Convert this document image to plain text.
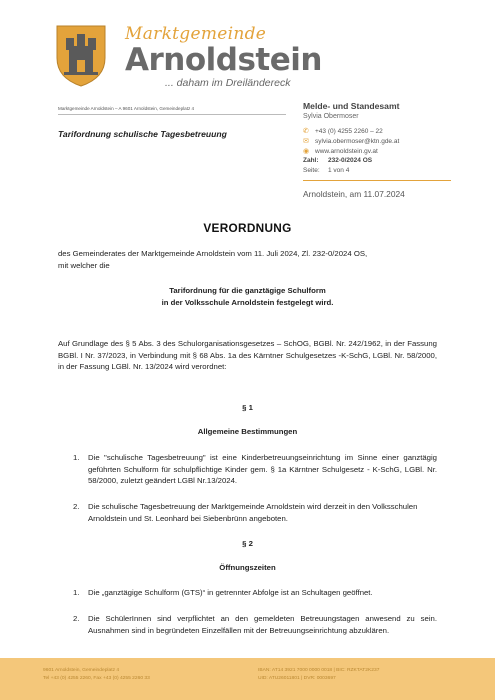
Marktgemeinde
Arnoldstein
... daham im Dreiländereck
Marktgemeinde Arnoldstein – A 9601 Arnoldstein, Gemeindeplatz 4
Tarifordnung schulische Tagesbetreuung
Melde- und Standesamt
Sylvia Obermoser
✆ +43 (0) 4255 2260 – 22
✉ sylvia.obermoser@ktn.gde.at
◉ www.arnoldstein.gv.at
Zahl:	232-0/2024 OS
Seite:	1 von 4
Arnoldstein, am 11.07.2024
VERORDNUNG
des Gemeinderates der Marktgemeinde Arnoldstein vom 11. Juli 2024, Zl. 232-0/2024 OS,
mit welcher die
Tarifordnung für die ganztägige Schulform
in der Volksschule Arnoldstein festgelegt wird.
Auf Grundlage des § 5 Abs. 3 des Schulorganisationsgesetzes – SchOG, BGBl. Nr. 242/1962, in der Fassung BGBl. I Nr. 37/2023, in Verbindung mit § 68 Abs. 1a des Kärntner Schulgesetzes -K-SchG, LGBl. Nr. 58/2000, in der Fassung LGBl. Nr. 13/2024 wird verordnet:
§ 1
Allgemeine Bestimmungen
1. Die "schulische Tagesbetreuung" ist eine Kinderbetreuungseinrichtung im Sinne einer ganztägig geführten Schulform für schulpflichtige Kinder gem. § 1a Kärntner Schulgesetz - K-SchG, LGBl. Nr. 58/2000, zuletzt geändert LGBl Nr.13/2024.
2. Die schulische Tagesbetreuung der Marktgemeinde Arnoldstein wird derzeit in den Volksschulen Arnoldstein und St. Leonhard bei Siebenbrünn angeboten.
§ 2
Öffnungszeiten
1. Die „ganztägige Schulform (GTS)“ in getrennter Abfolge ist an Schultagen geöffnet.
2. Die SchülerInnen sind verpflichtet an den gemeldeten Betreuungstagen anwesend zu sein. Ausnahmen sind in begründeten Einzelfällen mit der Betreuungseinrichtung abzuklären.
9601 Arnoldstein, Gemeindeplatz 4
Tel +43 (0) 4255 2260, Fax +43 (0) 4255 2260 33
IBAN: AT14 3921 7000 0000 0018 | BIC: RZKTAT2K237
UID: ATU26011801 | DVR: 0003697
